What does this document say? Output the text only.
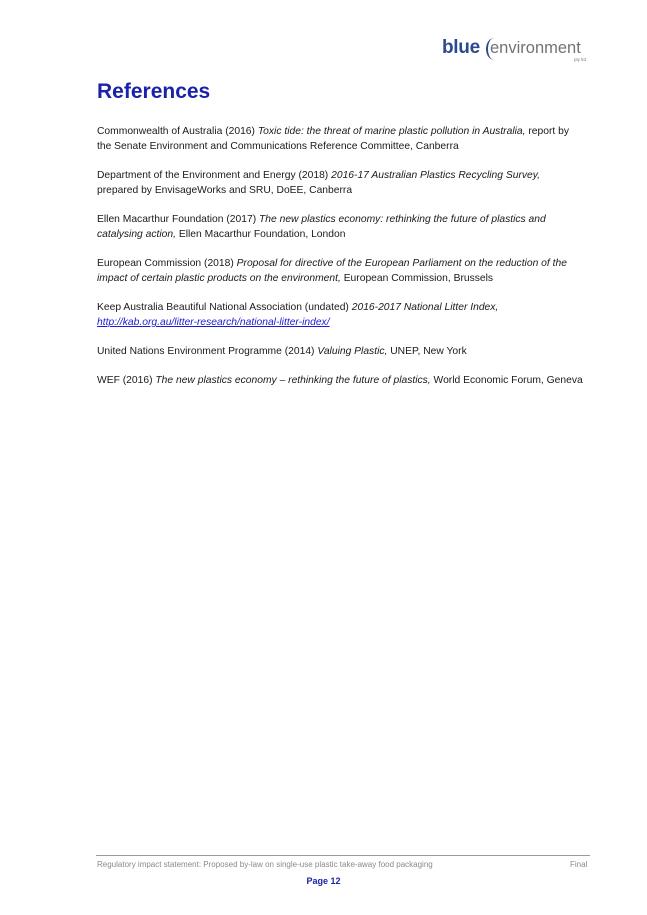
blue environment
pty ltd
References
Commonwealth of Australia (2016) Toxic tide: the threat of marine plastic pollution in Australia, report by the Senate Environment and Communications Reference Committee, Canberra
Department of the Environment and Energy (2018) 2016-17 Australian Plastics Recycling Survey, prepared by EnvisageWorks and SRU, DoEE, Canberra
Ellen Macarthur Foundation (2017) The new plastics economy: rethinking the future of plastics and catalysing action, Ellen Macarthur Foundation, London
European Commission (2018) Proposal for directive of the European Parliament on the reduction of the impact of certain plastic products on the environment, European Commission, Brussels
Keep Australia Beautiful National Association (undated) 2016-2017 National Litter Index,
http://kab.org.au/litter-research/national-litter-index/
United Nations Environment Programme (2014) Valuing Plastic, UNEP, New York
WEF (2016) The new plastics economy – rethinking the future of plastics, World Economic Forum, Geneva
Regulatory impact statement: Proposed by-law on single-use plastic take-away food packaging	Final
Page 12
